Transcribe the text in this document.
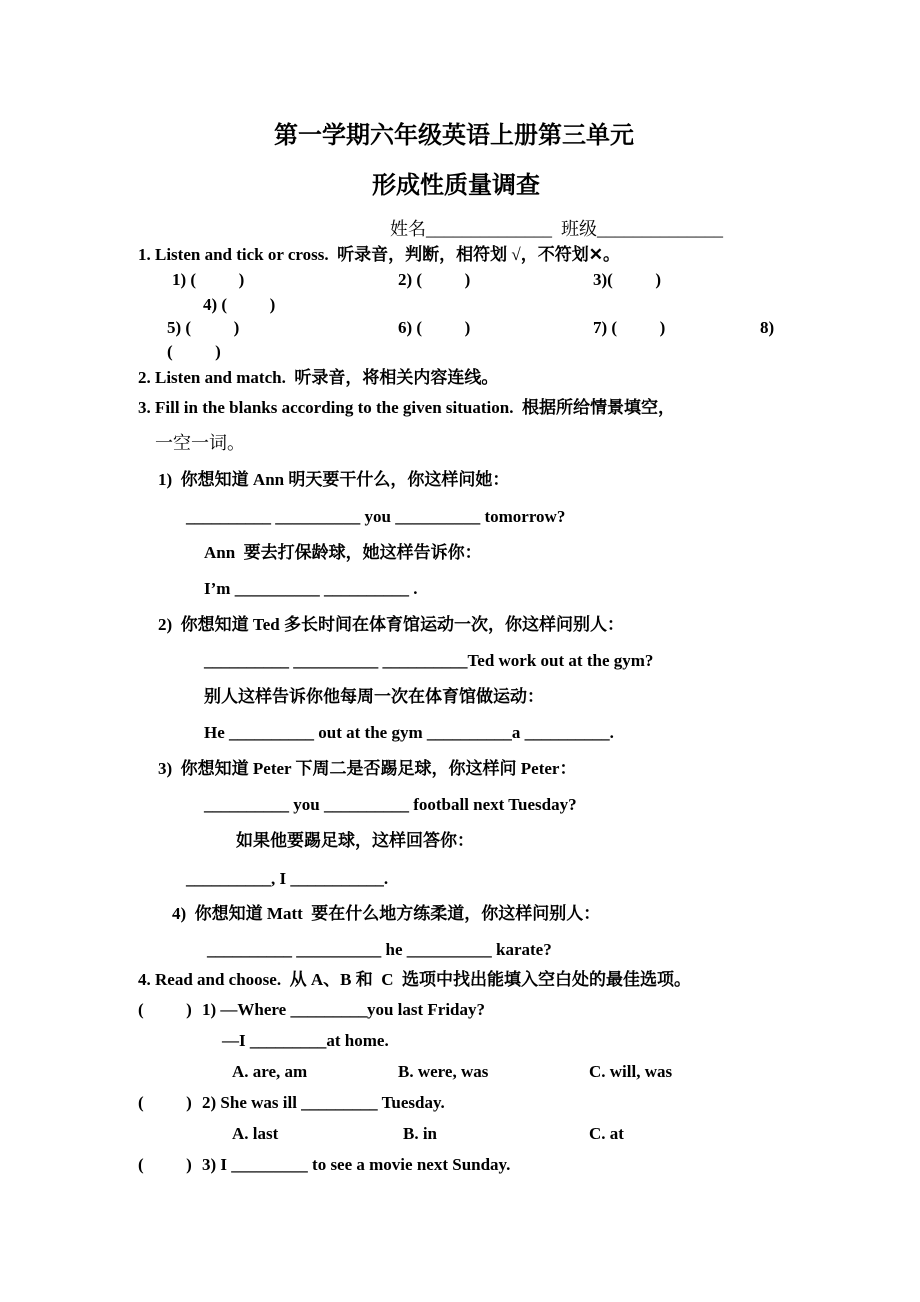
第一学期六年级英语上册第三单元
形成性质量调查
姓名______________  班级______________
1. Listen and tick or cross.  听录音，判断，相符划 √，不符划✕。
1) (          )	2) (          )	3)(          )
4) (          )
5) (          )	6) (          )	7) (          )	8)
(          )
2. Listen and match.  听录音，将相关内容连线。
3. Fill in the blanks according to the given situation.  根据所给情景填空，
一空一词。
1)  你想知道 Ann 明天要干什么，你这样问她：
__________ __________ you __________ tomorrow?
Ann  要去打保龄球，她这样告诉你：
I’m __________ __________ .
2)  你想知道 Ted 多长时间在体育馆运动一次，你这样问别人：
__________ __________ __________Ted work out at the gym?
别人这样告诉你他每周一次在体育馆做运动：
He __________ out at the gym __________a __________.
3)  你想知道 Peter 下周二是否踢足球，你这样问 Peter：
__________ you __________ football next Tuesday?
如果他要踢足球，这样回答你：
__________, I ___________.
4)  你想知道 Matt  要在什么地方练柔道，你这样问别人：
__________ __________ he __________ karate?
4. Read and choose.  从 A、B 和  C  选项中找出能填入空白处的最佳选项。
(          ) 1) —Where _________you last Friday?
—I _________at home.
A. are, am	B. were, was	C. will, was
(          ) 2) She was ill _________ Tuesday.
A. last	B. in	C. at
(          ) 3) I _________ to see a movie next Sunday.
